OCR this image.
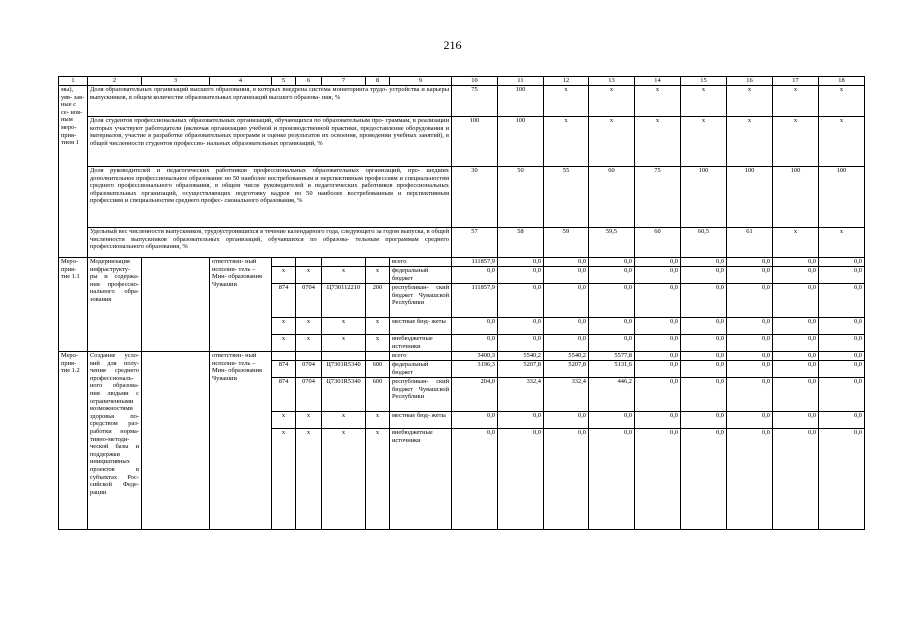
216
1	2	3	4	5	6	7	8	9	10	11	12	13	14	15	16	17	18
мы), уяв- зав- ные с се- нов- ным меро- прия- тием 1	Доля образовательных организаций высшего образования, в которых внедрена система мониторинга трудо- устройства и карьеры выпускников, в общем количестве образовательных организаций высшего образова- ния, %								75	100	x	x	x	x	x	x	x
	Доля студентов профессиональных образовательных организаций, обучающихся по образовательным про- граммам, в реализации которых участвуют работодатели (включая организацию учебной и производственной практики, предоставление оборудования и материалов, участие в разработке образовательных программ и оценке результатов их освоения, проведении учебных занятий), в общей численности студентов профессио- нальных образовательных организаций, %								100	100	x	x	x	x	x	x	x
	Доля руководителей и педагогических работников профессиональных образовательных организаций, про- шедших дополнительное профессиональное образование по 50 наиболее востребованным и перспективным профессиям и специальностям среднего профессионального образования, в общем числе руководителей и педагогических работников профессиональных образовательных организаций, осуществляющих подготовку кадров по 50 наиболее востребованным и перспективным профессиям и специальностям среднего профес- сионального образования, %								30	50	55	60	75	100	100	100	100
	Удельный вес численности выпускников, трудоустроившихся в течение календарного года, следующего за годом выпуска, в общей численности выпускников образовательных организаций, обучавшихся по образова- тельным программам среднего профессионального образования, %								57	58	59	59,5	60	60,5	61	x	x
Меро- прия- тие 1.1	Модернизация инфраструкту- ры и содержа- ния профессио- нального обра- зования		ответствен- ный исполни- тель – Мин- образования Чувашии					всего	111857,9	0,0	0,0	0,0	0,0	0,0	0,0	0,0	0,0
				x	x	x	x	федеральный бюджет	0,0	0,0	0,0	0,0	0,0	0,0	0,0	0,0	0,0
				874	0704	Ц730112210	200	республикан- ский бюджет Чувашской Республики	111857,9	0,0	0,0	0,0	0,0	0,0	0,0	0,0	0,0
				x	x	x	x	местные бюд- жеты	0,0	0,0	0,0	0,0	0,0	0,0	0,0	0,0	0,0
				x	x	x	x	внебюджетные источники	0,0	0,0	0,0	0,0	0,0	0,0	0,0	0,0	0,0
Меро- прия- тие 1.2	Создание усло- вий для полу- чения среднего профессиональ- ного образова- ния людьми с ограниченными возможностями здоровья по- средством раз- работки норма- тивно-методи- ческой базы и поддержки инициативных проектов в субъектах Рос- сийской Феде- рации		ответствен- ный исполни- тель – Мин- образования Чувашии					всего	3400,3	5540,2	5540,2	5577,8	0,0	0,0	0,0	0,0	0,0
				874	0704	Ц7301R5340	600	федеральный бюджет	3196,3	5207,8	5207,8	5131,6	0,0	0,0	0,0	0,0	0,0
				874	0704	Ц7301R5340	600	республикан- ский бюджет Чувашской Республики	204,0	332,4	332,4	446,2	0,0	0,0	0,0	0,0	0,0
				x	x	x	x	местные бюд- жеты	0,0	0,0	0,0	0,0	0,0	0,0	0,0	0,0	0,0
				x	x	x	x	внебюджетные источники	0,0	0,0	0,0	0,0	0,0	0,0	0,0	0,0	0,0
